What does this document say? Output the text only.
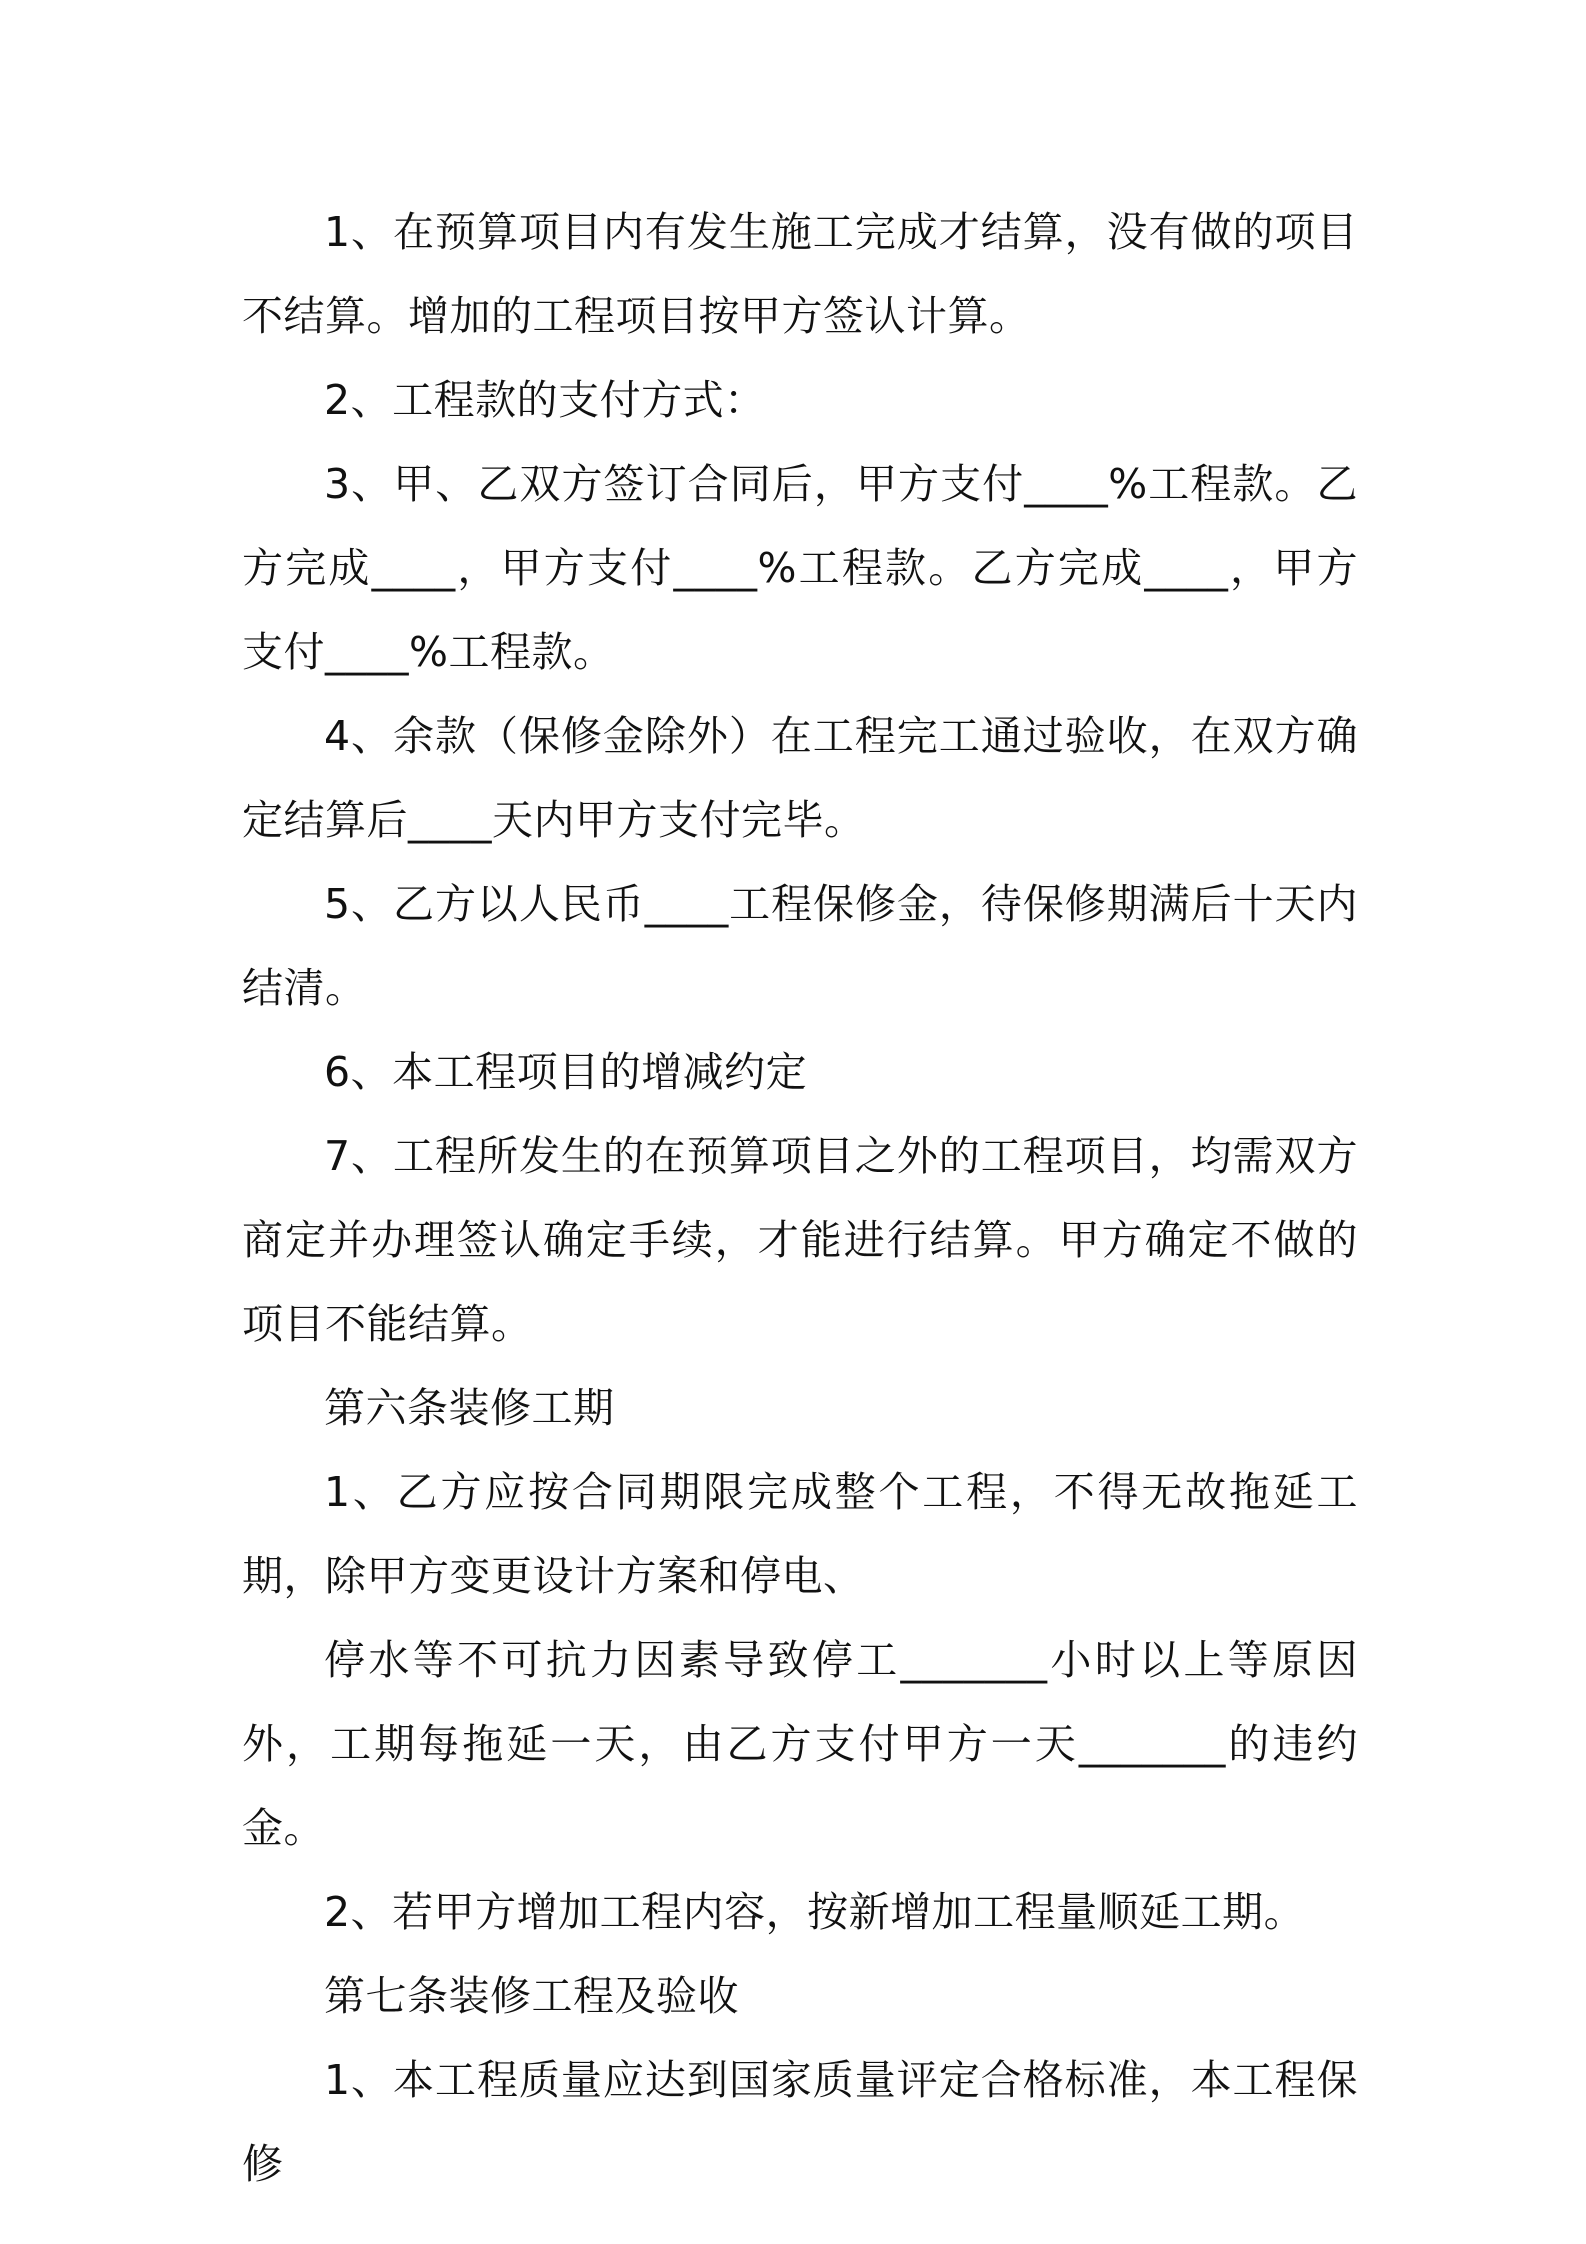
1、在预算项目内有发生施工完成才结算，没有做的项目不结算。增加的工程项目按甲方签认计算。

2、工程款的支付方式：

3、甲、乙双方签订合同后，甲方支付____%工程款。乙方完成____，甲方支付____%工程款。乙方完成____，甲方支付____%工程款。

4、余款（保修金除外）在工程完工通过验收，在双方确定结算后____天内甲方支付完毕。

5、乙方以人民币____工程保修金，待保修期满后十天内结清。

6、本工程项目的增减约定

7、工程所发生的在预算项目之外的工程项目，均需双方商定并办理签认确定手续，才能进行结算。甲方确定不做的项目不能结算。

第六条装修工期

1、乙方应按合同期限完成整个工程，不得无故拖延工期，除甲方变更设计方案和停电、

停水等不可抗力因素导致停工_______小时以上等原因外，工期每拖延一天，由乙方支付甲方一天_______的违约金。

2、若甲方增加工程内容，按新增加工程量顺延工期。

第七条装修工程及验收

1、本工程质量应达到国家质量评定合格标准，本工程保修
